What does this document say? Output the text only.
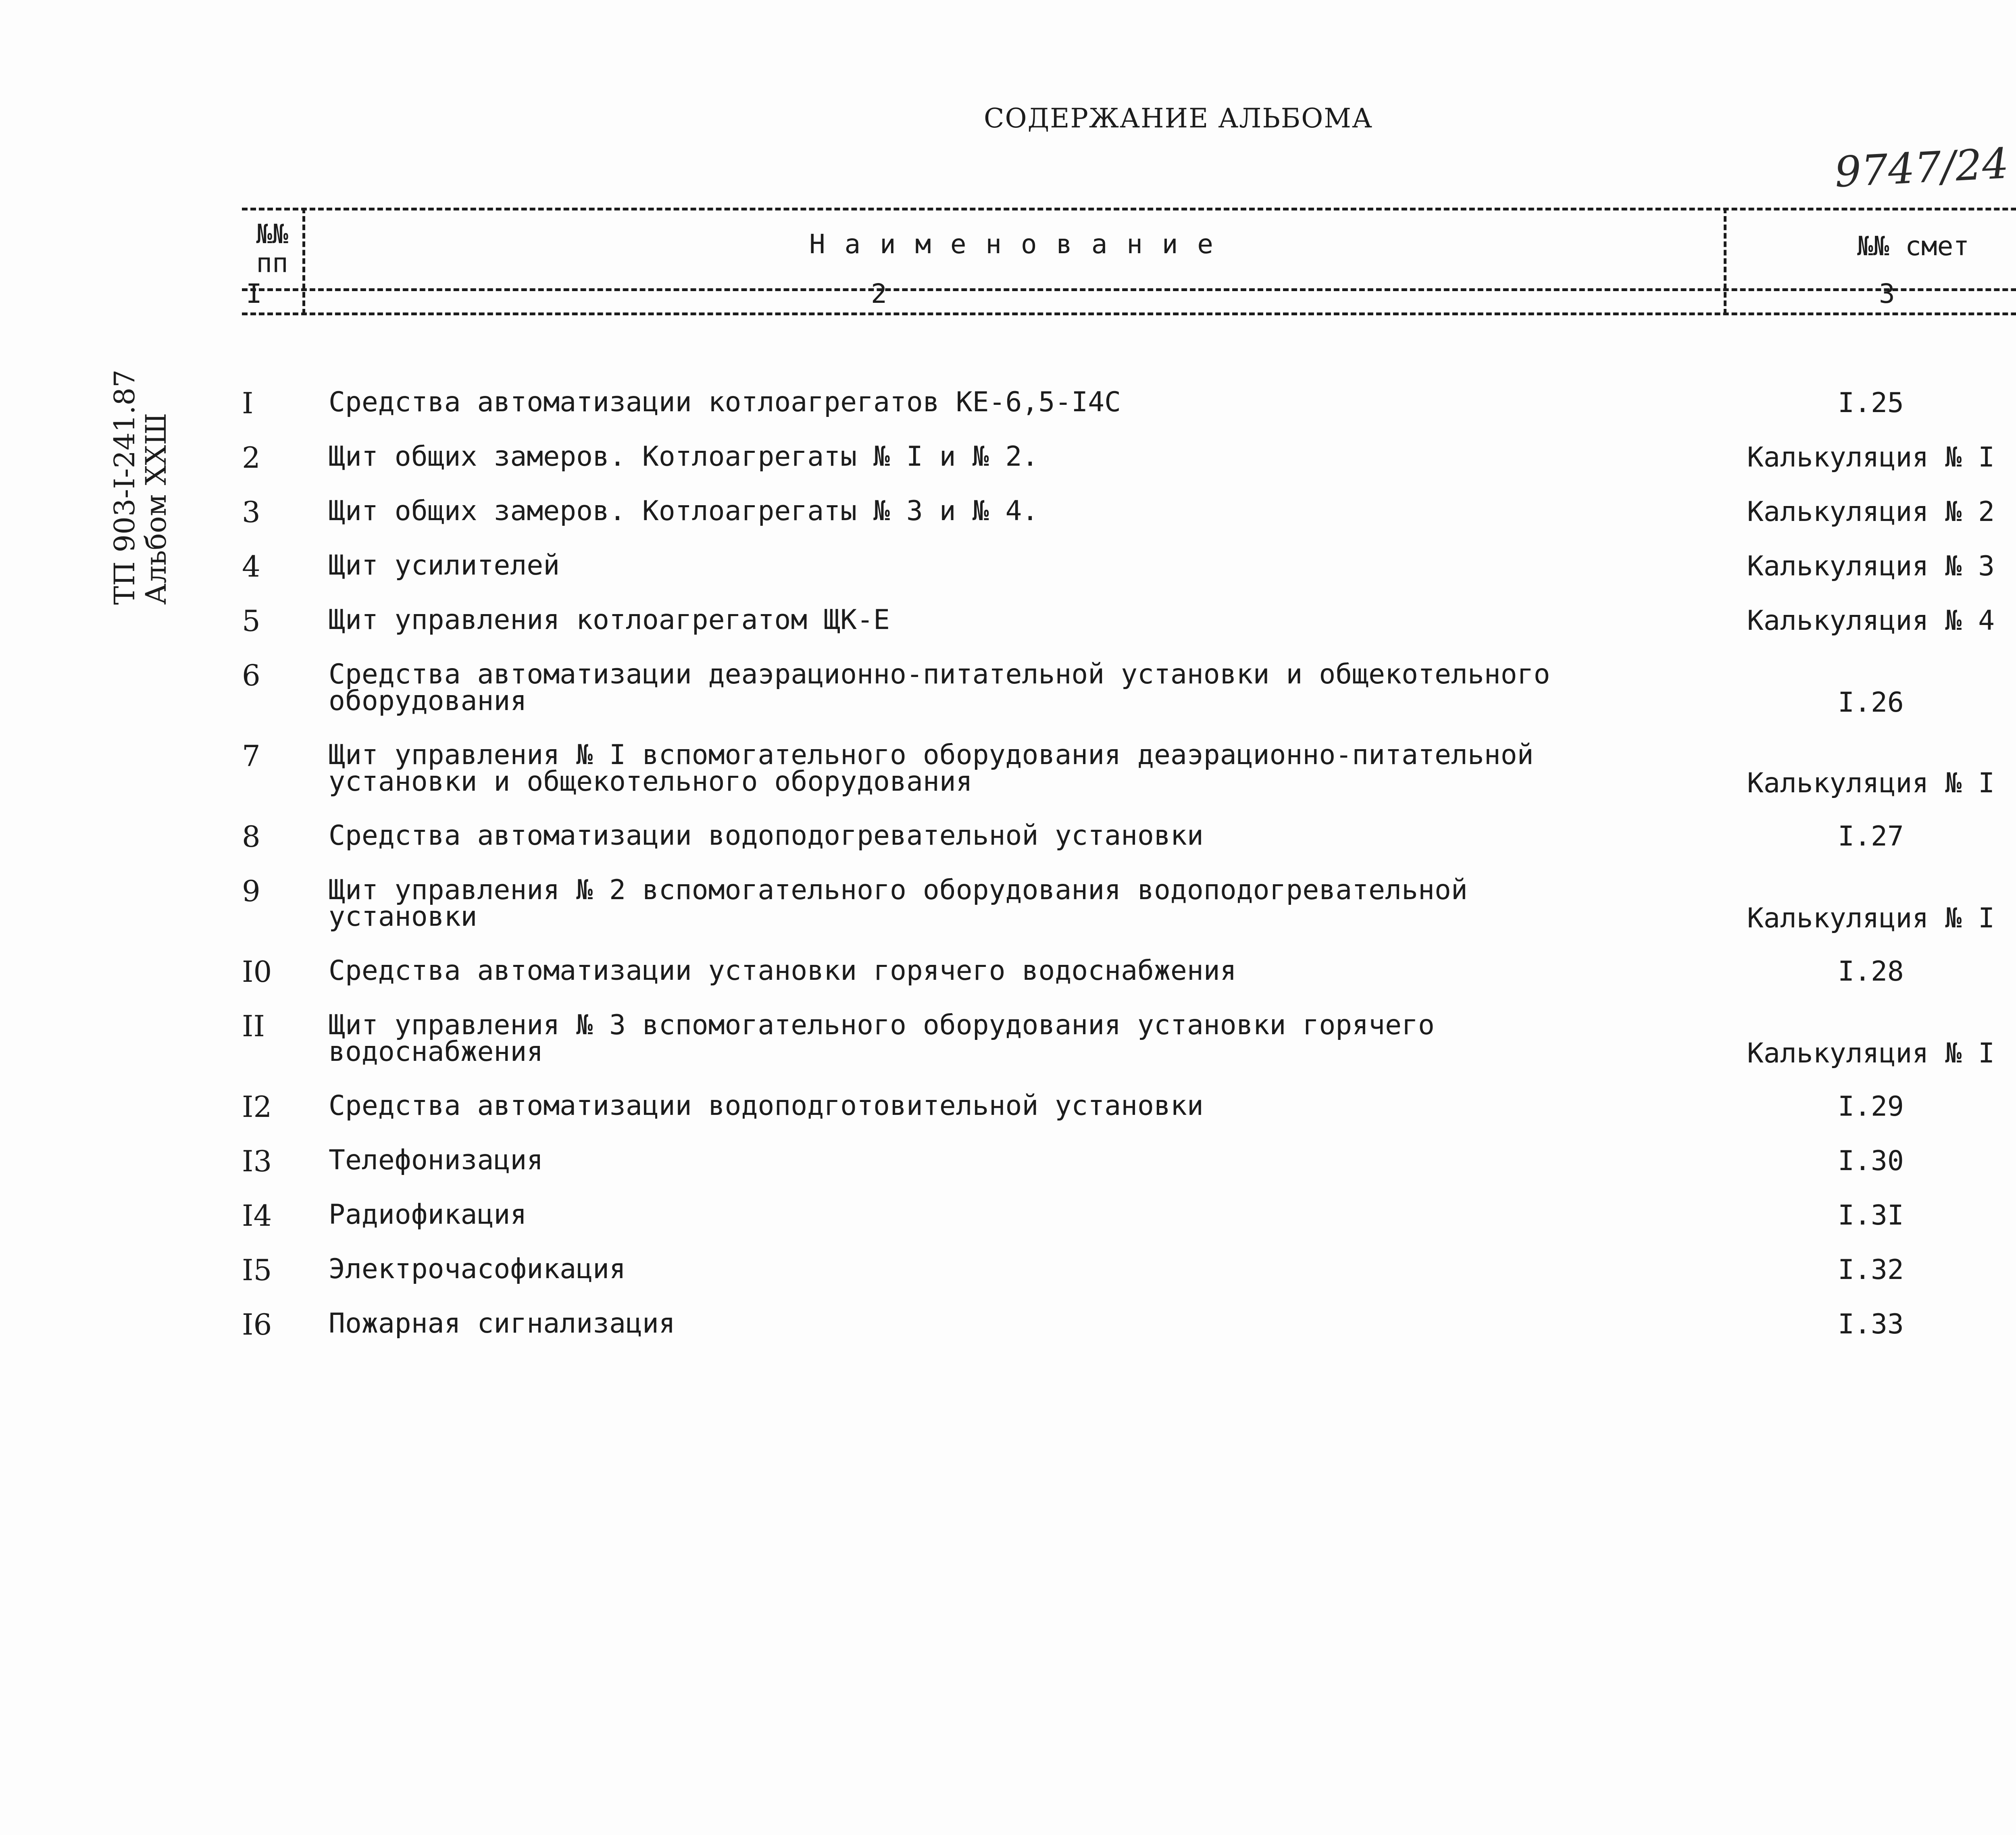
СОДЕРЖАНИЕ АЛЬБОМА
9747/24
ТП 903-I-241.87
Альбом XXШ
№№
пп
Н а и м е н о в а н и е	№№ смет
I	2	3
I	Средства автоматизации котлоагрегатов КЕ-6,5-I4С	I.25
2 Щит общих замеров. Котлоагрегаты № I и № 2.	Калькуляция № I
3 Щит общих замеров. Котлоагрегаты № 3 и № 4.	Калькуляция № 2
4 Щит усилителей	Калькуляция № 3
5 Щит управления котлоагрегатом ЩК-Е	Калькуляция № 4
6 Средства автоматизации деаэрационно-питательной установки и общекотельного
оборудования	I.26
7 Щит управления № I вспомогательного оборудования деаэрационно-питательной
установки и общекотельного оборудования	Калькуляция № I
8 Средства автоматизации водоподогревательной установки	I.27
9 Щит управления № 2 вспомогательного оборудования водоподогревательной
установки	Калькуляция № I
I0 Средства автоматизации установки горячего водоснабжения	I.28
II Щит управления № 3 вспомогательного оборудования установки горячего
водоснабжения	Калькуляция № I
I2 Средства автоматизации водоподготовительной установки	I.29
I3 Телефонизация	I.30
I4 Радиофикация	I.3I
I5 Электрочасофикация	I.32
I6 Пожарная сигнализация	I.33
